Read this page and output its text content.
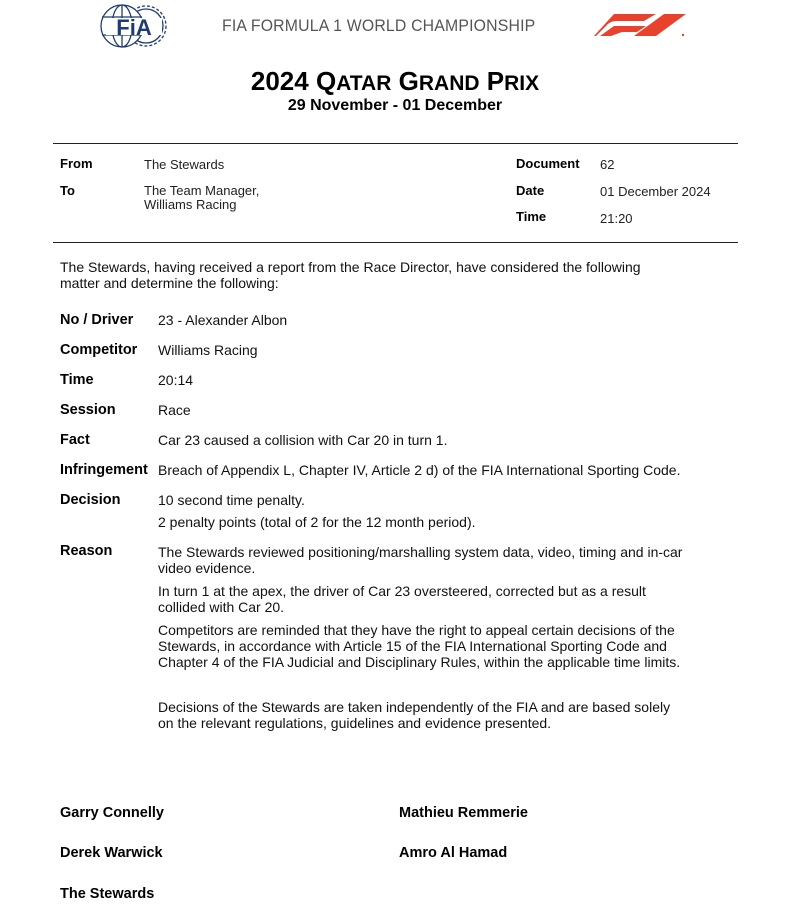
FiA	FIA FORMULA 1 WORLD CHAMPIONSHIP
2024 QATAR GRAND PRIX
29 November - 01 December
From	The Stewards
To	The Team Manager,
Williams Racing
Document 62
Date	01 December 2024
Time	21:20
The Stewards, having received a report from the Race Director, have considered the following
matter and determine the following:
No / Driver 23 - Alexander Albon
Competitor Williams Racing
Time	20:14
Session	Race
Fact	Car 23 caused a collision with Car 20 in turn 1.
Infringement Breach of Appendix L, Chapter IV, Article 2 d) of the FIA International Sporting Code.
Decision	10 second time penalty.
2 penalty points (total of 2 for the 12 month period).
Reason	The Stewards reviewed positioning/marshalling system data, video, timing and in-car
video evidence.
In turn 1 at the apex, the driver of Car 23 oversteered, corrected but as a result
collided with Car 20.
Competitors are reminded that they have the right to appeal certain decisions of the
Stewards, in accordance with Article 15 of the FIA International Sporting Code and
Chapter 4 of the FIA Judicial and Disciplinary Rules, within the applicable time limits.
Decisions of the Stewards are taken independently of the FIA and are based solely
on the relevant regulations, guidelines and evidence presented.
Garry Connelly	Mathieu Remmerie
Derek Warwick	Amro Al Hamad
The Stewards
